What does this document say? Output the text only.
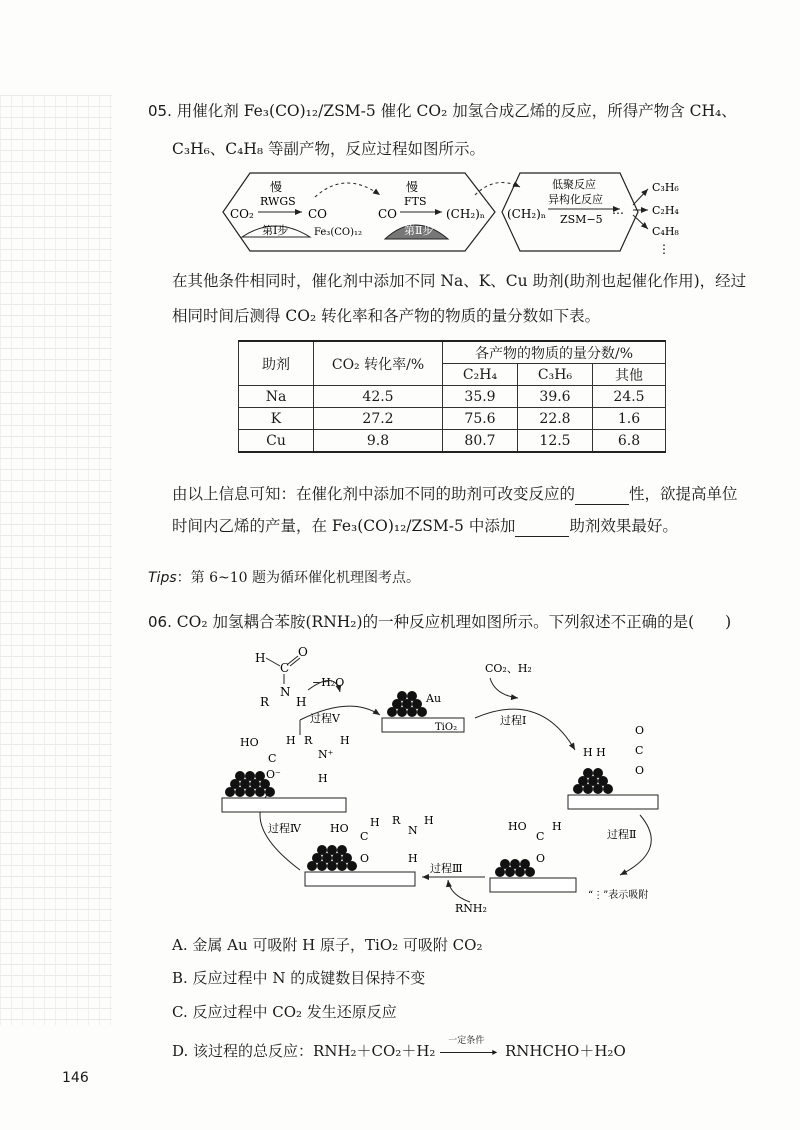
05. 用催化剂 Fe₃(CO)₁₂/ZSM-5 催化 CO₂ 加氢合成乙烯的反应，所得产物含 CH₄、
C₃H₆、C₄H₈ 等副产物，反应过程如图所示。
慢
RWGS
CO₂	CO
第Ⅰ步	Fe₃(CO)₁₂
CO
慢
FTS
第Ⅱ步
(CH₂)ₙ (CH₂)ₙ
低聚反应
异构化反应
ZSM−5 ⋯
C₃H₆
C₂H₄
C₄H₈
⋮
在其他条件相同时，催化剂中添加不同 Na、K、Cu 助剂(助剂也起催化作用)，经过
相同时间后测得 CO₂ 转化率和各产物的物质的量分数如下表。
助剂	CO₂ 转化率/%	各产物的物质的量分数/%		
		C₂H₄	C₃H₆	其他
Na	42.5	35.9	39.6	24.5
K	27.2	75.6	22.8	1.6
Cu	9.8	80.7	12.5	6.8
由以上信息可知：在催化剂中添加不同的助剂可改变反应的	性，欲提高单位
时间内乙烯的产量，在 Fe₃(CO)₁₂/ZSM-5 中添加	助剂效果最好。
Tips：第 6~10 题为循环催化机理图考点。
06. CO₂ 加氢耦合苯胺(RNH₂)的一种反应机理如图所示。下列叙述不正确的是(　　)
Au
TiO₂
H
C
O
N
R H
−H₂O
过程Ⅴ
CO₂、H₂
过程Ⅰ
H H
O
C
O
过程Ⅱ
HO
C
H
O
过程Ⅲ
RNH₂
“⋮”表示吸附
HO
C
H
O
R
N
H
H
过程Ⅳ
HO
C
H
O⁻
R
N⁺
H
H
A. 金属 Au 可吸附 H 原子，TiO₂ 可吸附 CO₂
B. 反应过程中 N 的成键数目保持不变
C. 反应过程中 CO₂ 发生还原反应
D. 该过程的总反应：RNH₂＋CO₂＋H₂
一定条件
▸ RNHCHO＋H₂O
146
